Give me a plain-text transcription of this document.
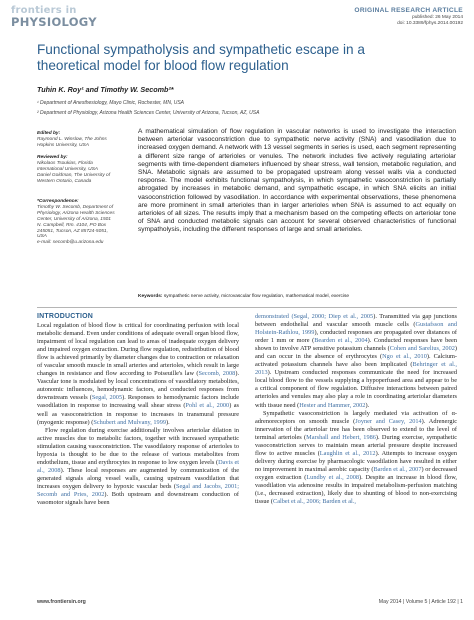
frontiers in
PHYSIOLOGY
ORIGINAL RESEARCH ARTICLE
published: 26 May 2014
doi: 10.3389/fphys.2014.00192
Functional sympatholysis and sympathetic escape in a
theoretical model for blood flow regulation
Tuhin K. Roy¹ and Timothy W. Secomb²*
¹ Department of Anesthesiology, Mayo Clinic, Rochester, MN, USA
² Department of Physiology, Arizona Health Sciences Center, University of Arizona, Tucson, AZ, USA
Edited by:
Raymond L. Winslow, The Johns
Hopkins University, USA
Reviewed by:
Nikolaos Tsoukias, Florida
International University, USA
Daniel Goldman, The University of
Western Ontario, Canada
*Correspondence:
Timothy W. Secomb, Department of
Physiology, Arizona Health Sciences
Center, University of Arizona, 1501
N. Campbell, Rm. 4104, PO Box
245051, Tucson, AZ 85724-5051,
USA
e-mail: secomb@u.arizona.edu
A mathematical simulation of flow regulation in vascular networks is used to investigate the interaction between arteriolar vasoconstriction due to sympathetic nerve activity (SNA) and vasodilation due to increased oxygen demand. A network with 13 vessel segments in series is used, each segment representing a different size range of arterioles or venules. The network includes five actively regulating arteriolar segments with time-dependent diameters influenced by shear stress, wall tension, metabolic regulation, and SNA. Metabolic signals are assumed to be propagated upstream along vessel walls via a conducted response. The model exhibits functional sympatholysis, in which sympathetic vasoconstriction is partially abrogated by increases in metabolic demand, and sympathetic escape, in which SNA elicits an initial vasoconstriction followed by vasodilation. In accordance with experimental observations, these phenomena are more prominent in small arterioles than in larger arterioles when SNA is assumed to act equally on arterioles of all sizes. The results imply that a mechanism based on the competing effects on arteriolar tone of SNA and conducted metabolic signals can account for several observed characteristics of functional sympatholysis, including the different responses of large and small arterioles.
Keywords: sympathetic nerve activity, microvascular flow regulation, mathematical model, exercise
INTRODUCTION

Local regulation of blood flow is critical for coordinating perfusion with local metabolic demand. Even under conditions of adequate overall organ blood flow, impairment of local regulation can lead to areas of inadequate oxygen delivery and impaired oxygen extraction. During flow regulation, redistribution of blood flow is achieved primarily by diameter changes due to contraction or relaxation of vascular smooth muscle in small arteries and arterioles, which result in large changes in resistance and flow according to Poiseuille's law (Secomb, 2008). Vascular tone is modulated by local concentrations of vasodilatory metabolites, autonomic influences, hemodynamic factors, and conducted responses from downstream vessels (Segal, 2005). Responses to hemodynamic factors include vasodilation in response to increasing wall shear stress (Pohl et al., 2000) as well as vasoconstriction in response to increases in transmural pressure (myogenic response) (Schubert and Mulvany, 1999).

Flow regulation during exercise additionally involves arteriolar dilation in active muscles due to metabolic factors, together with increased sympathetic stimulation causing vasoconstriction. The vasodilatory response of arterioles to hypoxia is thought to be due to the release of various metabolites from endothelium, tissue and erythrocytes in response to low oxygen levels (Davis et al., 2008). These local responses are augmented by communication of the generated signals along vessel walls, causing upstream vasodilation that increases oxygen delivery to hypoxic vascular beds (Segal and Jacobs, 2001; Secomb and Pries, 2002). Both upstream and downstream conduction of vasomotor signals have been

demonstrated (Segal, 2000; Diep et al., 2005). Transmitted via gap junctions between endothelial and vascular smooth muscle cells (Gustafsson and Holstein-Rathlou, 1999), conducted responses are propagated over distances of order 1 mm or more (Bearden et al., 2004). Conducted responses have been shown to involve ATP sensitive potassium channels (Cohen and Sarelius, 2002) and can occur in the absence of erythrocytes (Ngo et al., 2010). Calcium-activated potassium channels have also been implicated (Behringer et al., 2013). Upstream conducted responses communicate the need for increased local blood flow to the vessels supplying a hypoperfused area and appear to be a critical component of flow regulation. Diffusive interactions between paired arterioles and venules may also play a role in coordinating arteriolar diameters with tissue need (Hester and Hammer, 2002).

Sympathetic vasoconstriction is largely mediated via activation of α-adrenoreceptors on smooth muscle (Joyner and Casey, 2014). Adrenergic innervation of the arteriolar tree has been observed to extend to the level of terminal arterioles (Marshall and Hebert, 1986). During exercise, sympathetic vasoconstriction serves to maintain mean arterial pressure despite increased flow to active muscles (Laughlin et al., 2012). Attempts to increase oxygen delivery during exercise by pharmacologic vasodilation have resulted in either no improvement in maximal aerobic capacity (Barden et al., 2007) or decreased oxygen extraction (Lundby et al., 2008). Despite an increase in blood flow, vasodilation via adenosine results in impaired metabolism-perfusion matching (i.e., decreased extraction), likely due to shunting of blood to non-exercising tissue (Calbet et al., 2006; Barden et al.,

www.frontiersin.org	May 2014 | Volume 5 | Article 192 | 1
